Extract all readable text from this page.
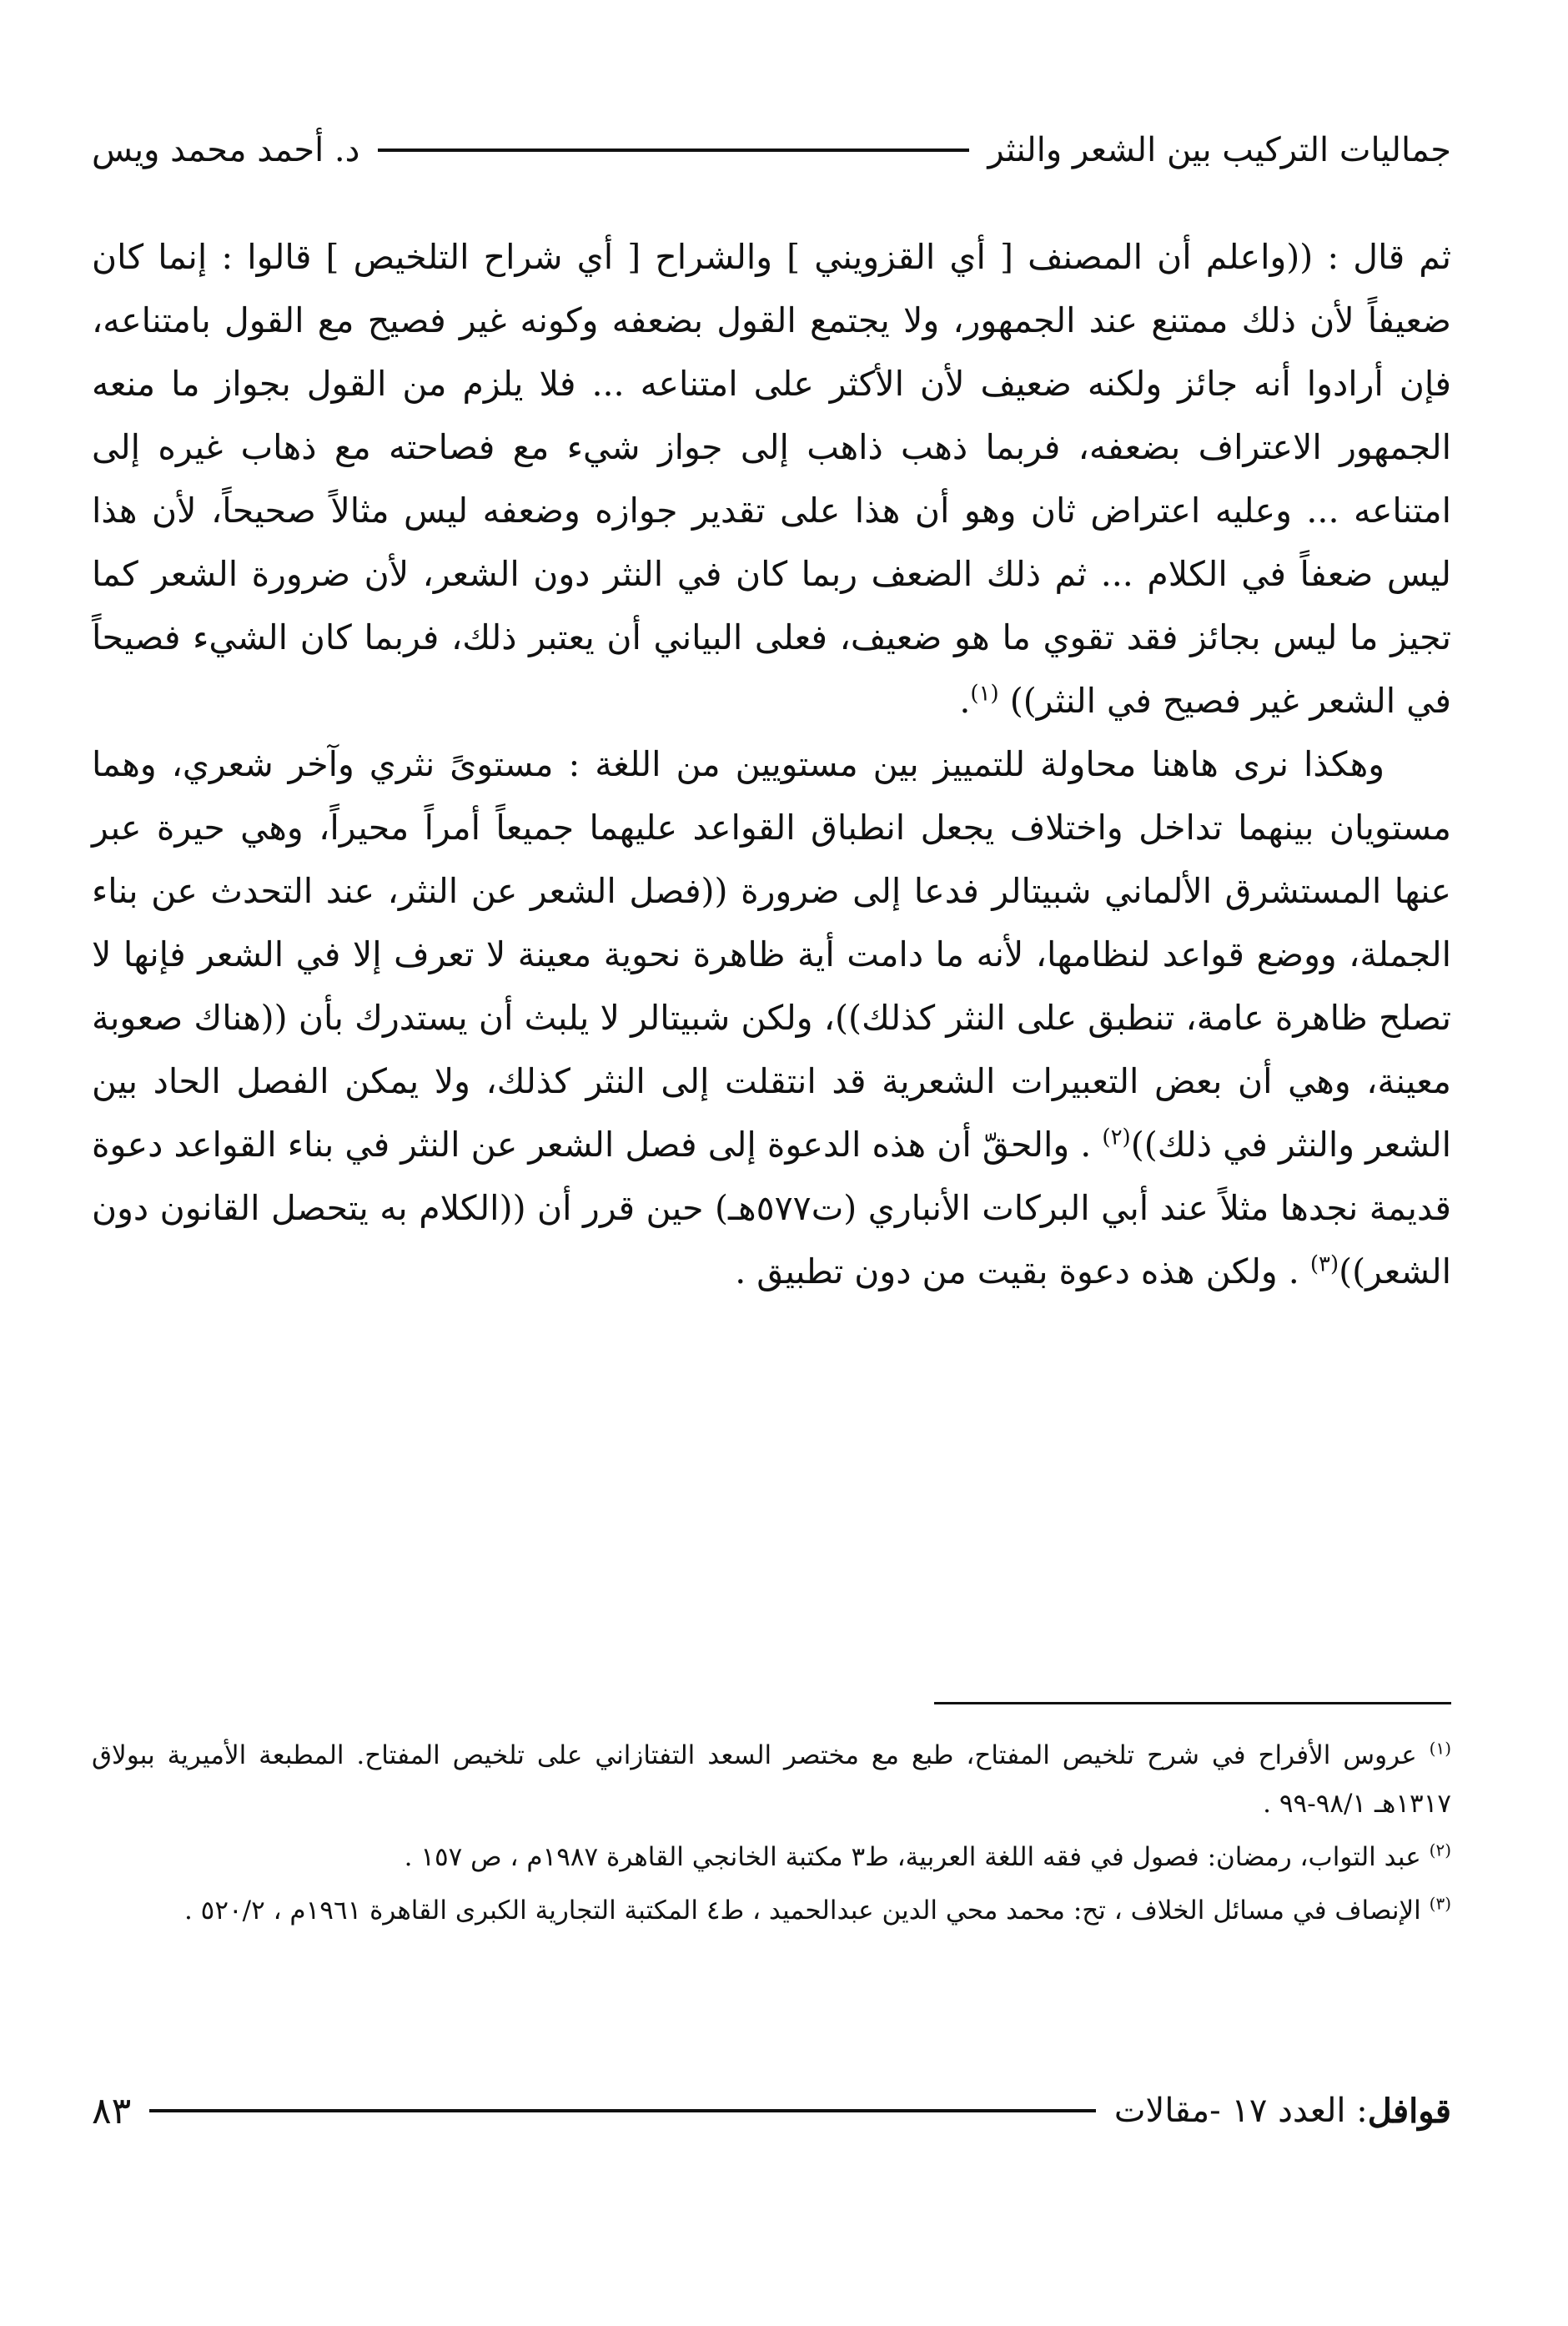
جماليات التركيب بين الشعر والنثر
د. أحمد محمد ويس

ثم قال : ((واعلم أن المصنف [ أي القزويني ] والشراح [ أي شراح التلخيص ] قالوا : إنما كان ضعيفاً لأن ذلك ممتنع عند الجمهور، ولا يجتمع القول بضعفه وكونه غير فصيح مع القول بامتناعه، فإن أرادوا أنه جائز ولكنه ضعيف لأن الأكثر على امتناعه ... فلا يلزم من القول بجواز ما منعه الجمهور الاعتراف بضعفه، فربما ذهب ذاهب إلى جواز شيء مع فصاحته مع ذهاب غيره إلى امتناعه ... وعليه اعتراض ثان وهو أن هذا على تقدير جوازه وضعفه ليس مثالاً صحيحاً، لأن هذا ليس ضعفاً في الكلام ... ثم ذلك الضعف ربما كان في النثر دون الشعر، لأن ضرورة الشعر كما تجيز ما ليس بجائز فقد تقوي ما هو ضعيف، فعلى البياني أن يعتبر ذلك، فربما كان الشيء فصيحاً في الشعر غير فصيح في النثر)) $^{(١)}$.

وهكذا نرى هاهنا محاولة للتمييز بين مستويين من اللغة : مستوىً نثري وآخر شعري، وهما مستويان بينهما تداخل واختلاف يجعل انطباق القواعد عليهما جميعاً أمراً محيراً، وهي حيرة عبر عنها المستشرق الألماني شبيتالر فدعا إلى ضرورة ((فصل الشعر عن النثر، عند التحدث عن بناء الجملة، ووضع قواعد لنظامها، لأنه ما دامت أية ظاهرة نحوية معينة لا تعرف إلا في الشعر فإنها لا تصلح ظاهرة عامة، تنطبق على النثر كذلك))، ولكن شبيتالر لا يلبث أن يستدرك بأن ((هناك صعوبة معينة، وهي أن بعض التعبيرات الشعرية قد انتقلت إلى النثر كذلك، ولا يمكن الفصل الحاد بين الشعر والنثر في ذلك))$^{(٢)}$ . والحقّ أن هذه الدعوة إلى فصل الشعر عن النثر في بناء القواعد دعوة قديمة نجدها مثلاً عند أبي البركات الأنباري (ت٥٧٧هـ) حين قرر أن ((الكلام به يتحصل القانون دون الشعر))$^{(٣)}$ . ولكن هذه دعوة بقيت من دون تطبيق .

$^{(١)}$ عروس الأفراح في شرح تلخيص المفتاح، طبع مع مختصر السعد التفتازاني على تلخيص المفتاح. المطبعة الأميرية ببولاق ١٣١٧هـ ٩٨/١-٩٩ .

$^{(٢)}$ عبد التواب، رمضان: فصول في فقه اللغة العربية، ط٣ مكتبة الخانجي القاهرة ١٩٨٧م ، ص ١٥٧ .

$^{(٣)}$ الإنصاف في مسائل الخلاف ، تح: محمد محي الدين عبدالحميد ، ط٤ المكتبة التجارية الكبرى القاهرة ١٩٦١م ، ٥٢٠/٢ .

قوافل
: العدد ١٧ -مقالات
٨٣
